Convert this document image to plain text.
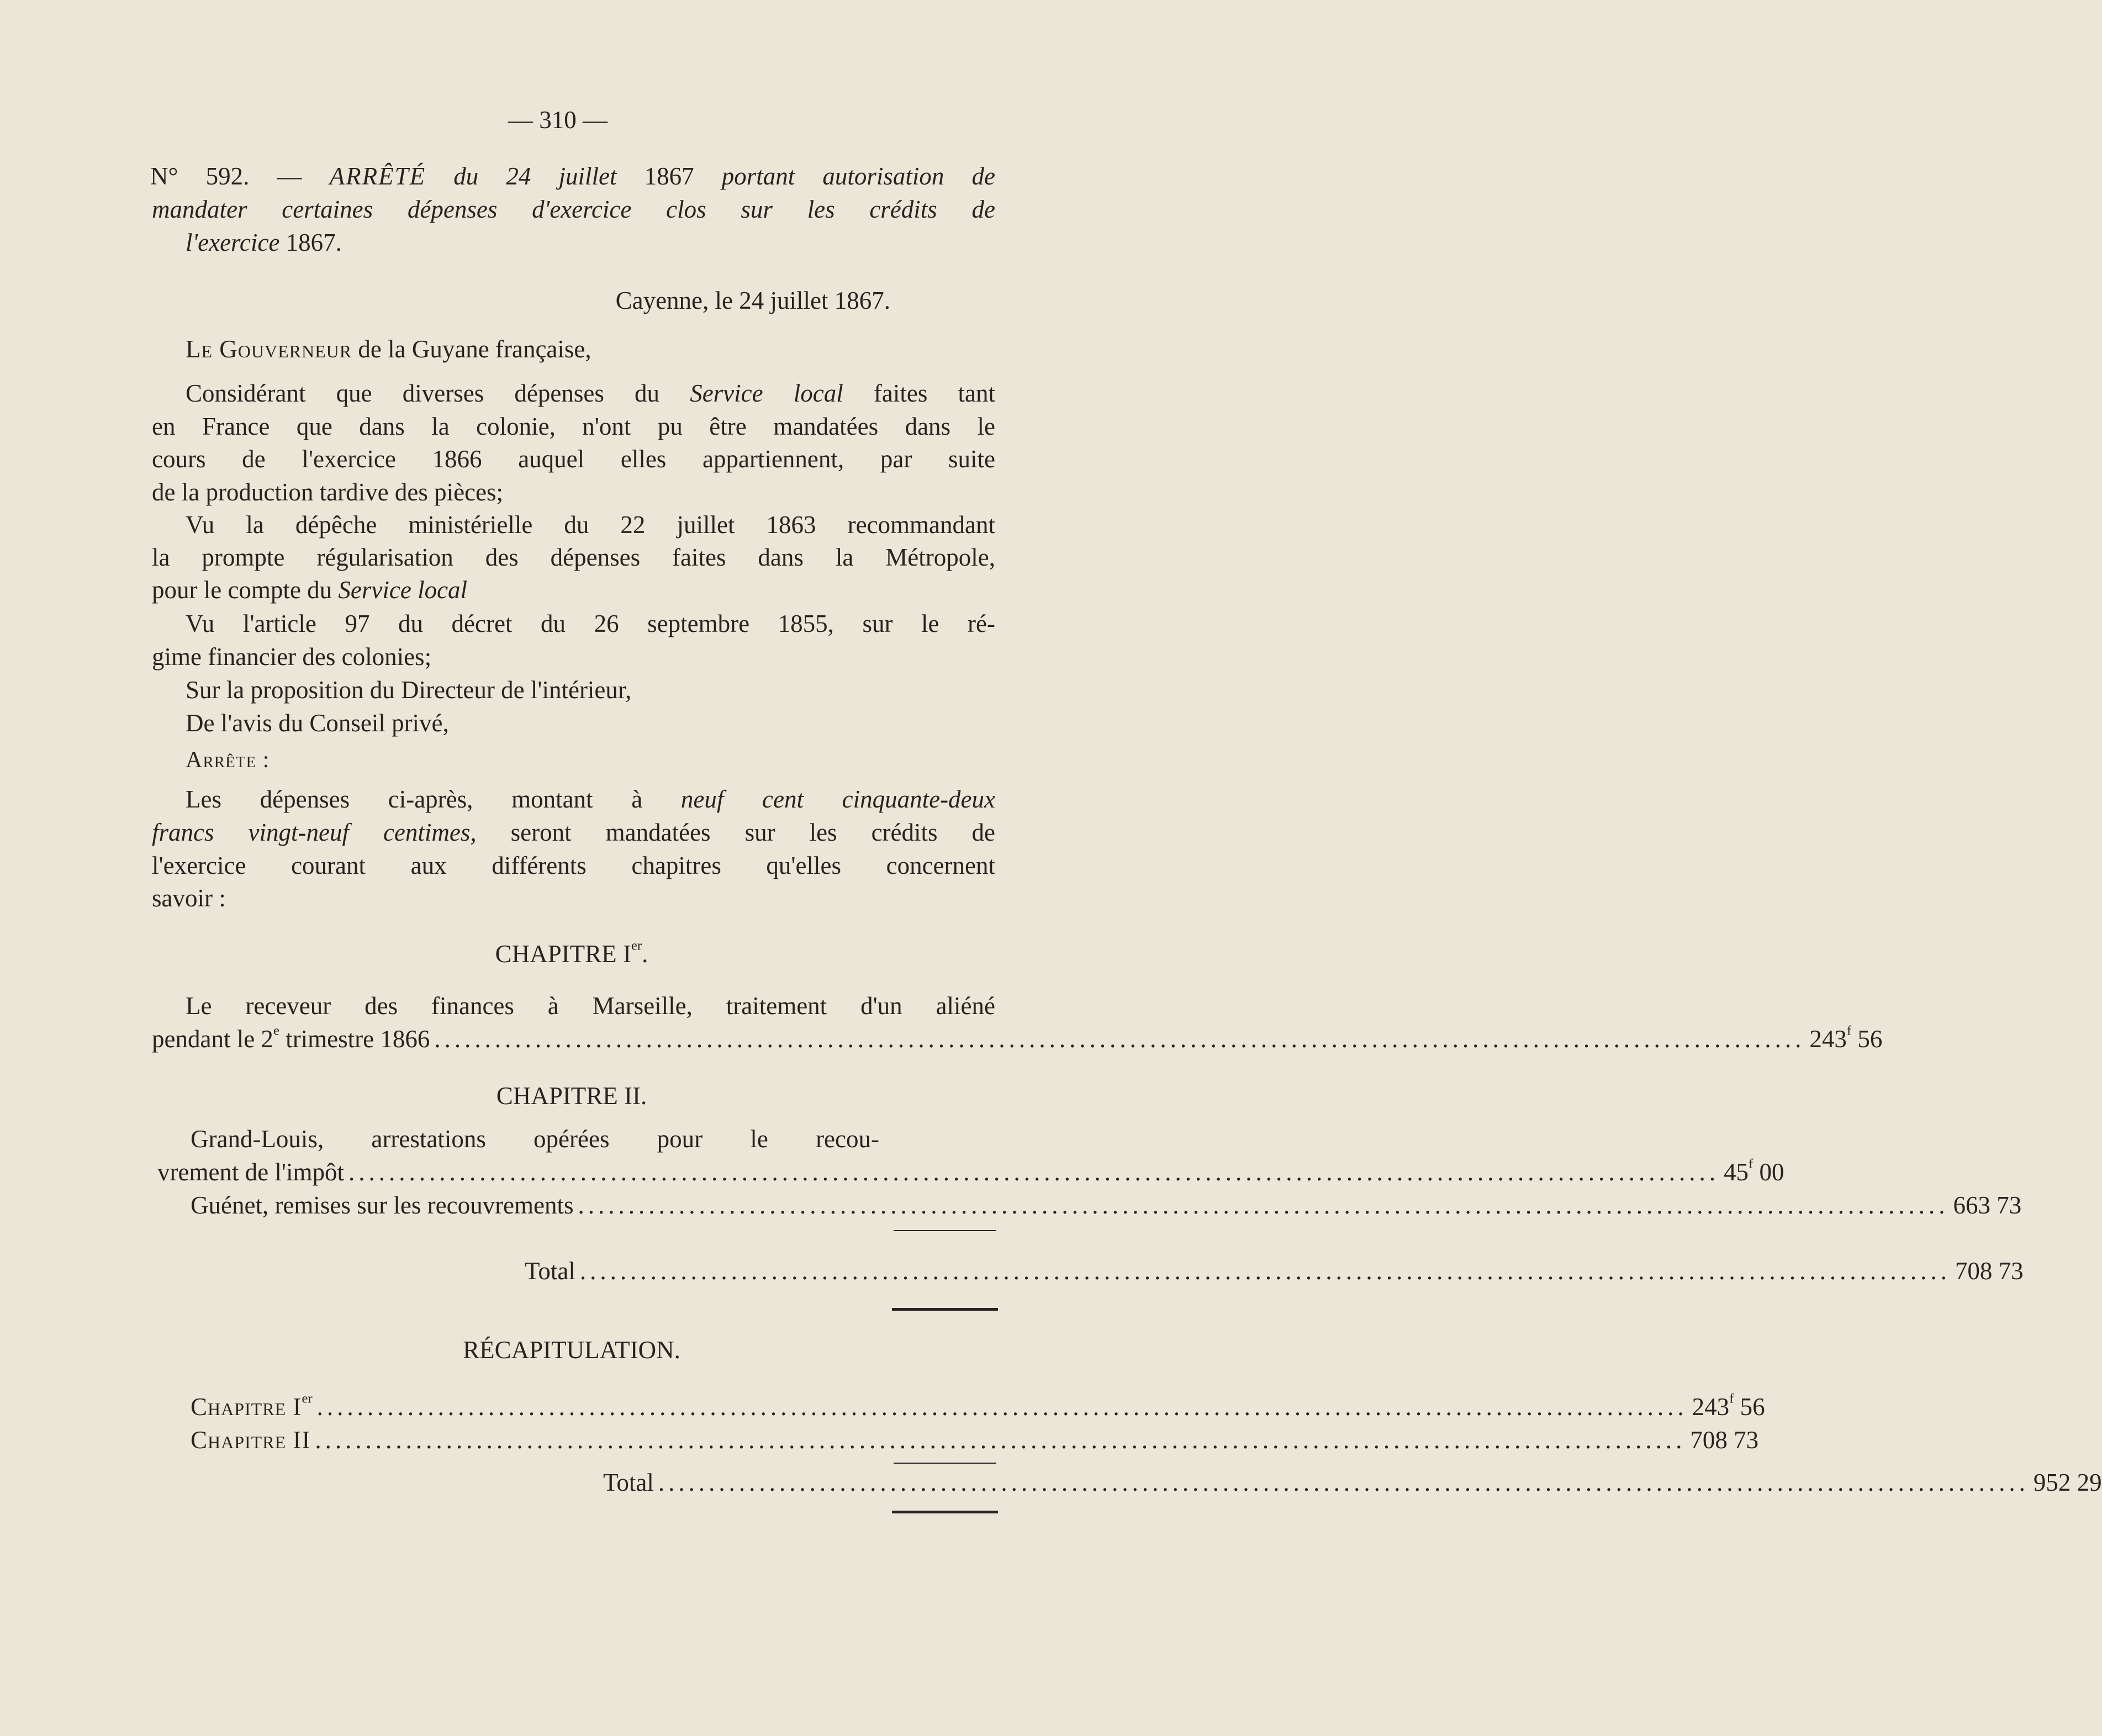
— 310 —
N° 592. — ARRÊTÉ du 24 juillet 1867 portant autorisation de
mandater certaines dépenses d'exercice clos sur les crédits de
l'exercice 1867.
Cayenne, le 24 juillet 1867.
Le Gouverneur de la Guyane française,
Considérant que diverses dépenses du Service local faites tant
en France que dans la colonie, n'ont pu être mandatées dans le
cours de l'exercice 1866 auquel elles appartiennent, par suite
de la production tardive des pièces;
Vu la dépêche ministérielle du 22 juillet 1863 recommandant
la prompte régularisation des dépenses faites dans la Métropole,
pour le compte du Service local
Vu l'article 97 du décret du 26 septembre 1855, sur le ré-
gime financier des colonies;
Sur la proposition du Directeur de l'intérieur,
De l'avis du Conseil privé,
Arrête :
Les dépenses ci-après, montant à neuf cent cinquante-deux
francs vingt-neuf centimes, seront mandatées sur les crédits de
l'exercice courant aux différents chapitres qu'elles concernent
savoir :
CHAPITRE Ier.
Le receveur des finances à Marseille, traitement d'un aliéné
pendant le 2e trimestre 1866 ........................................................................................................................................ 243$^f$ 56
CHAPITRE II.
Grand-Louis, arrestations opérées pour le recou-
vrement de l'impôt ........................................................................................................................................ 45$^f$ 00
Guénet, remises sur les recouvrements ........................................................................................................................................ 663 73
Total ........................................................................................................................................ 708 73
RÉCAPITULATION.
Chapitre Ier ........................................................................................................................................ 243$^f$ 56
Chapitre II ........................................................................................................................................ 708 73
Total ........................................................................................................................................ 952 29
